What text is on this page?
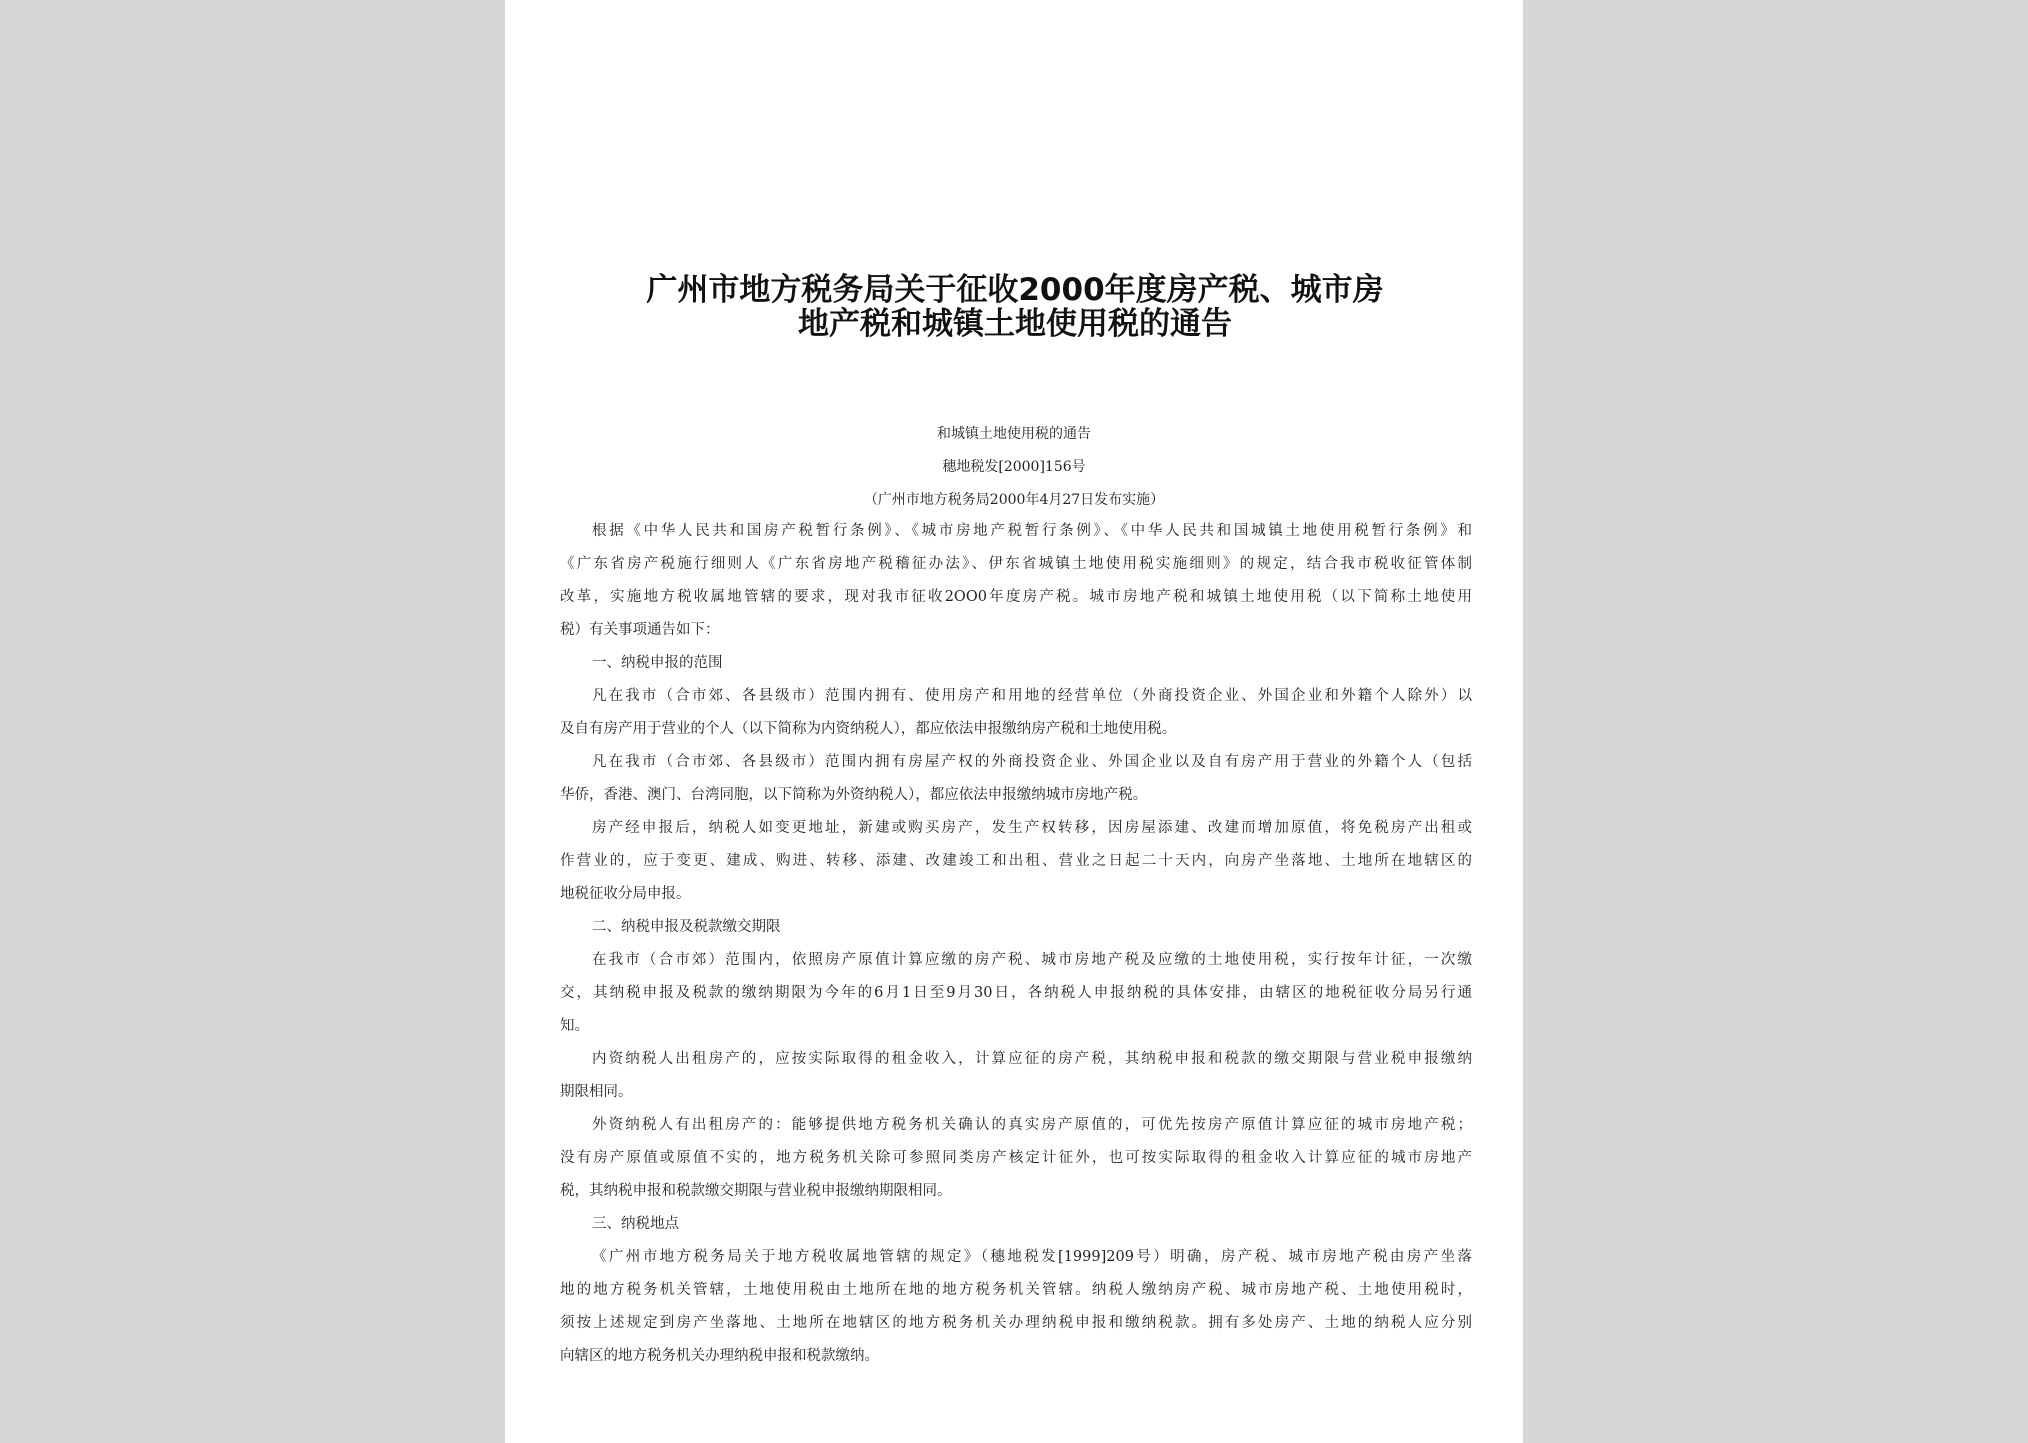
广州市地方税务局关于征收2000年度房产税、城市房
地产税和城镇土地使用税的通告
和城镇土地使用税的通告
穗地税发[2000]156号
（广州市地方税务局2000年4月27日发布实施）
根据《中华人民共和国房产税暂行条例》、《城市房地产税暂行条例》、《中华人民共和国城镇土地使用税暂行条例》和
《广东省房产税施行细则人《广东省房地产税稽征办法》、伊东省城镇土地使用税实施细则》的规定，结合我市税收征管体制
改革，实施地方税收属地管辖的要求，现对我市征收2OO0年度房产税。城市房地产税和城镇土地使用税（以下简称土地使用
税）有关事项通告如下：
一、纳税申报的范围
凡在我市（合市郊、各县级市）范围内拥有、使用房产和用地的经营单位（外商投资企业、外国企业和外籍个人除外）以
及自有房产用于营业的个人（以下简称为内资纳税人），都应依法申报缴纳房产税和土地使用税。
凡在我市（合市郊、各县级市）范围内拥有房屋产权的外商投资企业、外国企业以及自有房产用于营业的外籍个人（包括
华侨，香港、澳门、台湾同胞，以下简称为外资纳税人），都应依法申报缴纳城市房地产税。
房产经申报后，纳税人如变更地址，新建或购买房产，发生产权转移，因房屋添建、改建而增加原值，将免税房产出租或
作营业的，应于变更、建成、购进、转移、添建、改建竣工和出租、营业之日起二十天内，向房产坐落地、土地所在地辖区的
地税征收分局申报。
二、纳税申报及税款缴交期限
在我市（合市郊）范围内，依照房产原值计算应缴的房产税、城市房地产税及应缴的土地使用税，实行按年计征，一次缴
交，其纳税申报及税款的缴纳期限为今年的6月1日至9月30日，各纳税人申报纳税的具体安排，由辖区的地税征收分局另行通
知。
内资纳税人出租房产的，应按实际取得的租金收入，计算应征的房产税，其纳税申报和税款的缴交期限与营业税申报缴纳
期限相同。
外资纳税人有出租房产的：能够提供地方税务机关确认的真实房产原值的，可优先按房产原值计算应征的城市房地产税；
没有房产原值或原值不实的，地方税务机关除可参照同类房产核定计征外，也可按实际取得的租金收入计算应征的城市房地产
税，其纳税申报和税款缴交期限与营业税申报缴纳期限相同。
三、纳税地点
《广州市地方税务局关于地方税收属地管辖的规定》（穗地税发[1999]209号）明确，房产税、城市房地产税由房产坐落
地的地方税务机关管辖，土地使用税由土地所在地的地方税务机关管辖。纳税人缴纳房产税、城市房地产税、土地使用税时，
须按上述规定到房产坐落地、土地所在地辖区的地方税务机关办理纳税申报和缴纳税款。拥有多处房产、土地的纳税人应分别
向辖区的地方税务机关办理纳税申报和税款缴纳。
